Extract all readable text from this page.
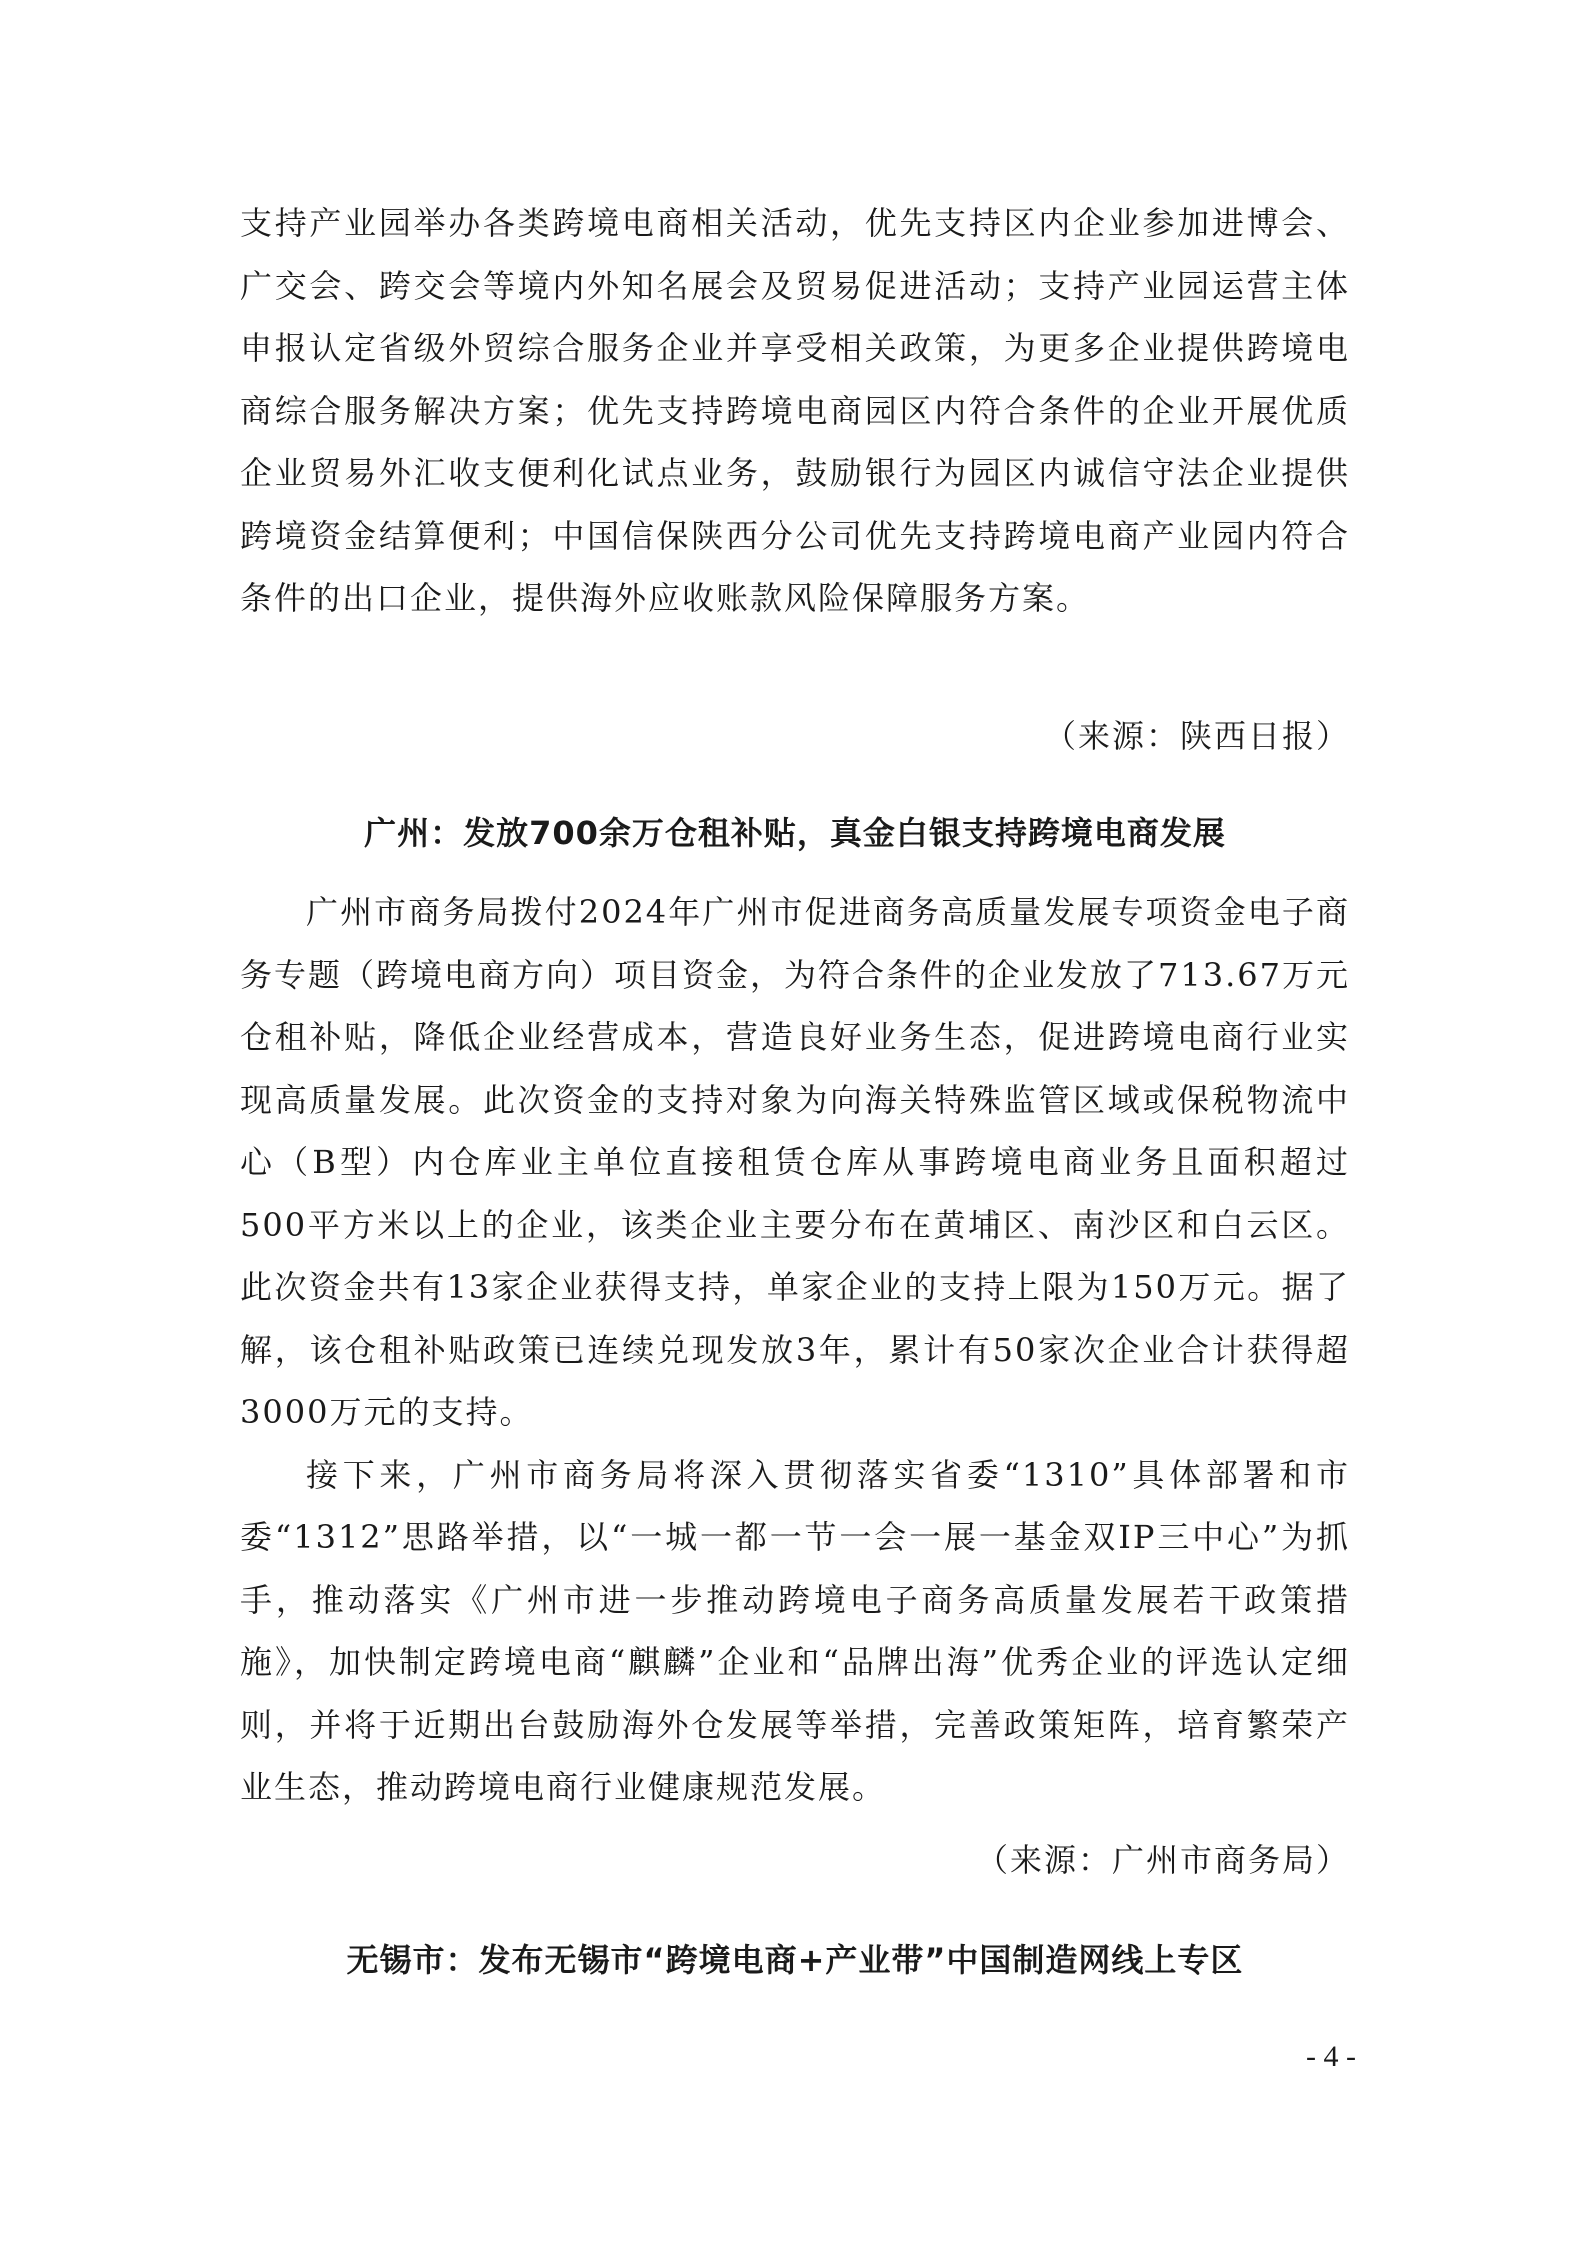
支持产业园举办各类跨境电商相关活动，优先支持区内企业参加进博会、广交会、跨交会等境内外知名展会及贸易促进活动；支持产业园运营主体申报认定省级外贸综合服务企业并享受相关政策，为更多企业提供跨境电商综合服务解决方案；优先支持跨境电商园区内符合条件的企业开展优质企业贸易外汇收支便利化试点业务，鼓励银行为园区内诚信守法企业提供跨境资金结算便利；中国信保陕西分公司优先支持跨境电商产业园内符合条件的出口企业，提供海外应收账款风险保障服务方案。

（来源：陕西日报）

广州：发放700余万仓租补贴，真金白银支持跨境电商发展

广州市商务局拨付2024年广州市促进商务高质量发展专项资金电子商务专题（跨境电商方向）项目资金，为符合条件的企业发放了713.67万元仓租补贴，降低企业经营成本，营造良好业务生态，促进跨境电商行业实现高质量发展。此次资金的支持对象为向海关特殊监管区域或保税物流中心（B型）内仓库业主单位直接租赁仓库从事跨境电商业务且面积超过500平方米以上的企业，该类企业主要分布在黄埔区、南沙区和白云区。此次资金共有13家企业获得支持，单家企业的支持上限为150万元。据了解，该仓租补贴政策已连续兑现发放3年，累计有50家次企业合计获得超3000万元的支持。

接下来，广州市商务局将深入贯彻落实省委“1310”具体部署和市委“1312”思路举措，以“一城一都一节一会一展一基金双IP三中心”为抓手，推动落实《广州市进一步推动跨境电子商务高质量发展若干政策措施》，加快制定跨境电商“麒麟”企业和“品牌出海”优秀企业的评选认定细则，并将于近期出台鼓励海外仓发展等举措，完善政策矩阵，培育繁荣产业生态，推动跨境电商行业健康规范发展。

（来源：广州市商务局）

无锡市：发布无锡市“跨境电商+产业带”中国制造网线上专区

- 4 -
